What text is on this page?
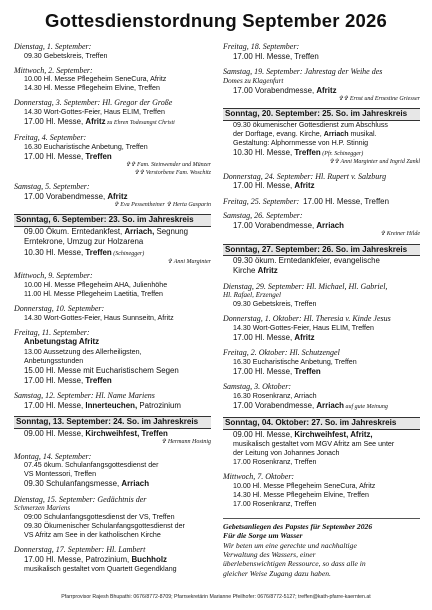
Gottesdienstordnung September 2026
Dienstag, 1. September:
09.30 Gebetskreis, Treffen
Mittwoch, 2. September:
10.00 Hl. Messe Pflegeheim SeneCura, Afritz
14.30 Hl. Messe Pflegeheim Elvine, Treffen
Donnerstag, 3. September: Hl. Gregor der Große
14.30 Wort-Gottes-Feier, Haus ELIM, Treffen
17.00 Hl. Messe, Afritz zu Ehren Todesangst Christi
Freitag, 4. September:
16.30 Eucharistische Anbetung, Treffen
17.00 Hl. Messe, Treffen
✞✞ Fam. Steinwender und Münzer
✞✞ Verstorbene Fam. Woschitz
Samstag, 5. September:
17.00 Vorabendmesse, Afritz
✞ Eva Pessentheiner ✞ Herta Gasparin
Sonntag, 6. September: 23. So. im Jahreskreis
09.00 Ökum. Erntedankfest, Arriach, Segnung
Erntekrone, Umzug zur Holzarena
10.30 Hl. Messe, Treffen (Schinegger)
✞ Anni Marginter
Mittwoch, 9. September:
10.00 Hl. Messe Pflegeheim AHA, Julienhöhe
11.00 Hl. Messe Pflegeheim Laetitia, Treffen
Donnerstag, 10. September:
14.30 Wort-Gottes-Feier, Haus Sunnseitn, Afritz
Freitag, 11. September:
Anbetungstag Afritz
13.00 Aussetzung des Allerheiligsten,
Anbetungsstunden
15.00 Hl. Messe mit Eucharistischem Segen
17.00 Hl. Messe, Treffen
Samstag, 12. September: Hl. Name Mariens
17.00 Hl. Messe, Innerteuchen, Patrozinium
Sonntag, 13. September: 24. So. im Jahreskreis
09.00 Hl. Messe, Kirchweihfest, Treffen
✞ Hermann Hostnig
Montag, 14. September:
07.45 ökum. Schulanfangsgottesdienst der
VS Montessori, Treffen
09.30 Schulanfangsmesse, Arriach
Dienstag, 15. September: Gedächtnis der
Schmerzen Mariens
09:00 Schulanfangsgottesdienst der VS, Treffen
09.30 Ökumenischer Schulanfangsgottesdienst der
VS Afritz am See in der katholischen Kirche
Donnerstag, 17. September: Hl. Lambert
17.00 Hl. Messe, Patrozinium, Buchholz
musikalisch gestaltet vom Quartett Gegendklang
Freitag, 18. September:
17.00 Hl. Messe, Treffen
Samstag, 19. September: Jahrestag der Weihe des
Domes zu Klagenfurt
17.00 Vorabendmesse, Afritz
✞✞ Ernst und Ernestine Griesser
Sonntag, 20. September: 25. So. im Jahreskreis
09.30 ökumenischer Gottesdienst zum Abschluss
der Dorftage, evang. Kirche, Arriach musikal.
Gestaltung: Alphornmesse von H.P. Stinnig
10.30 Hl. Messe, Treffen (Pfr. Schinegger)
✞✞ Anni Marginter und Ingrid Zankl
Donnerstag, 24. September: Hl. Rupert v. Salzburg
17.00 Hl. Messe, Afritz
Freitag, 25. September: 17.00 Hl. Messe, Treffen
Samstag, 26. September:
17.00 Vorabendmesse, Arriach
✞ Kreiner Hilde
Sonntag, 27. September: 26. So. im Jahreskreis
09.30 ökum. Erntedankfeier, evangelische
Kirche Afritz
Dienstag, 29. September: Hl. Michael, Hl. Gabriel,
Hl. Rafael, Erzengel
09.30 Gebetskreis, Treffen
Donnerstag, 1. Oktober: Hl. Theresia v. Kinde Jesus
14.30 Wort-Gottes-Feier, Haus ELIM, Treffen
17.00 Hl. Messe, Afritz
Freitag, 2. Oktober: Hl. Schutzengel
16.30 Eucharistische Anbetung, Treffen
17.00 Hl. Messe, Treffen
Samstag, 3. Oktober:
16.30 Rosenkranz, Arriach
17.00 Vorabendmesse, Arriach auf gute Meinung
Sonntag, 04. Oktober: 27. So. im Jahreskreis
09.00 Hl. Messe, Kirchweihfest, Afritz,
musikalisch gestaltet vom MGV Afritz am See unter
der Leitung von Johannes Jonach
17.00 Rosenkranz, Treffen
Mittwoch, 7. Oktober:
10.00 Hl. Messe Pflegeheim SeneCura, Afritz
14.30 Hl. Messe Pflegeheim Elvine, Treffen
17.00 Rosenkranz, Treffen
Gebetsanliegen des Papstes für September 2026
Für die Sorge um Wasser
Wir beten um eine gerechte und nachhaltige
Verwaltung des Wassers, einer
überlebenswichtigen Ressource, so dass alle in
gleicher Weise Zugang dazu haben.
Pfarrprovisor Rajesh Bhupathi: 0676/8772-8709; Pfarrsekretärin Marianne Pfeilhofer: 0676/8772-5127; treffen@kath-pfarre-kaernten.at
